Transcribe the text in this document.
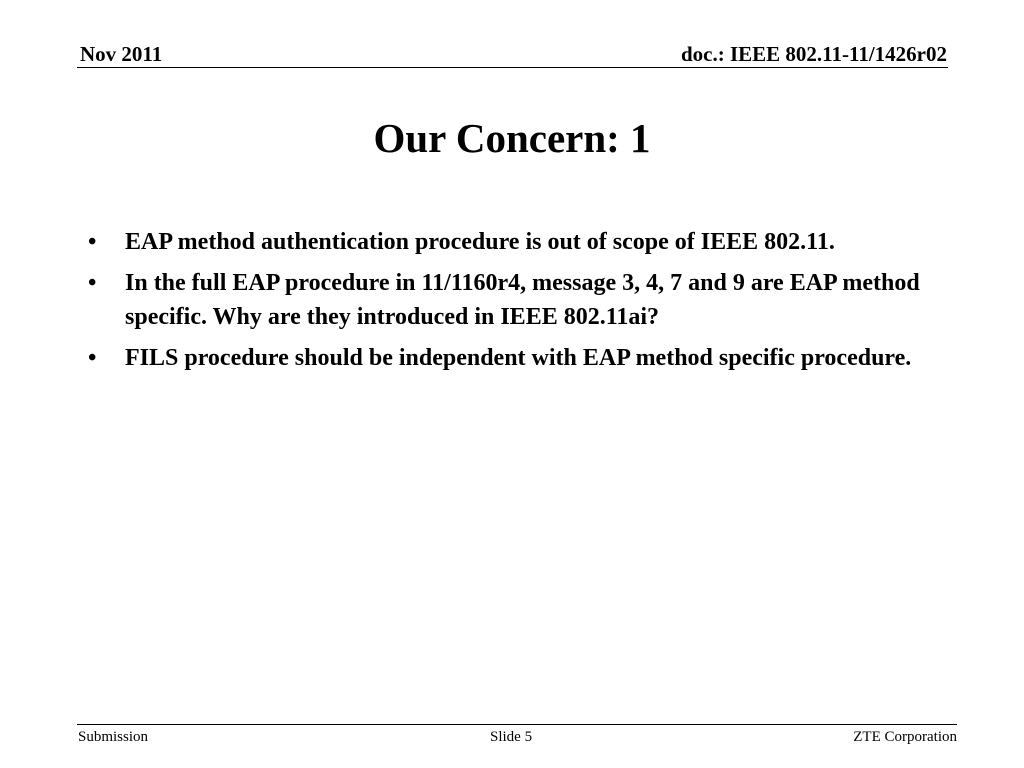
Nov 2011	doc.: IEEE 802.11-11/1426r02
Our Concern: 1
•	EAP method authentication procedure is out of scope of IEEE 802.11.
•	In the full EAP procedure in 11/1160r4, message 3, 4, 7 and 9 are EAP method specific. Why are they introduced in IEEE 802.11ai?
•	FILS procedure should be independent with EAP method specific procedure.
Submission	Slide 5	ZTE Corporation
